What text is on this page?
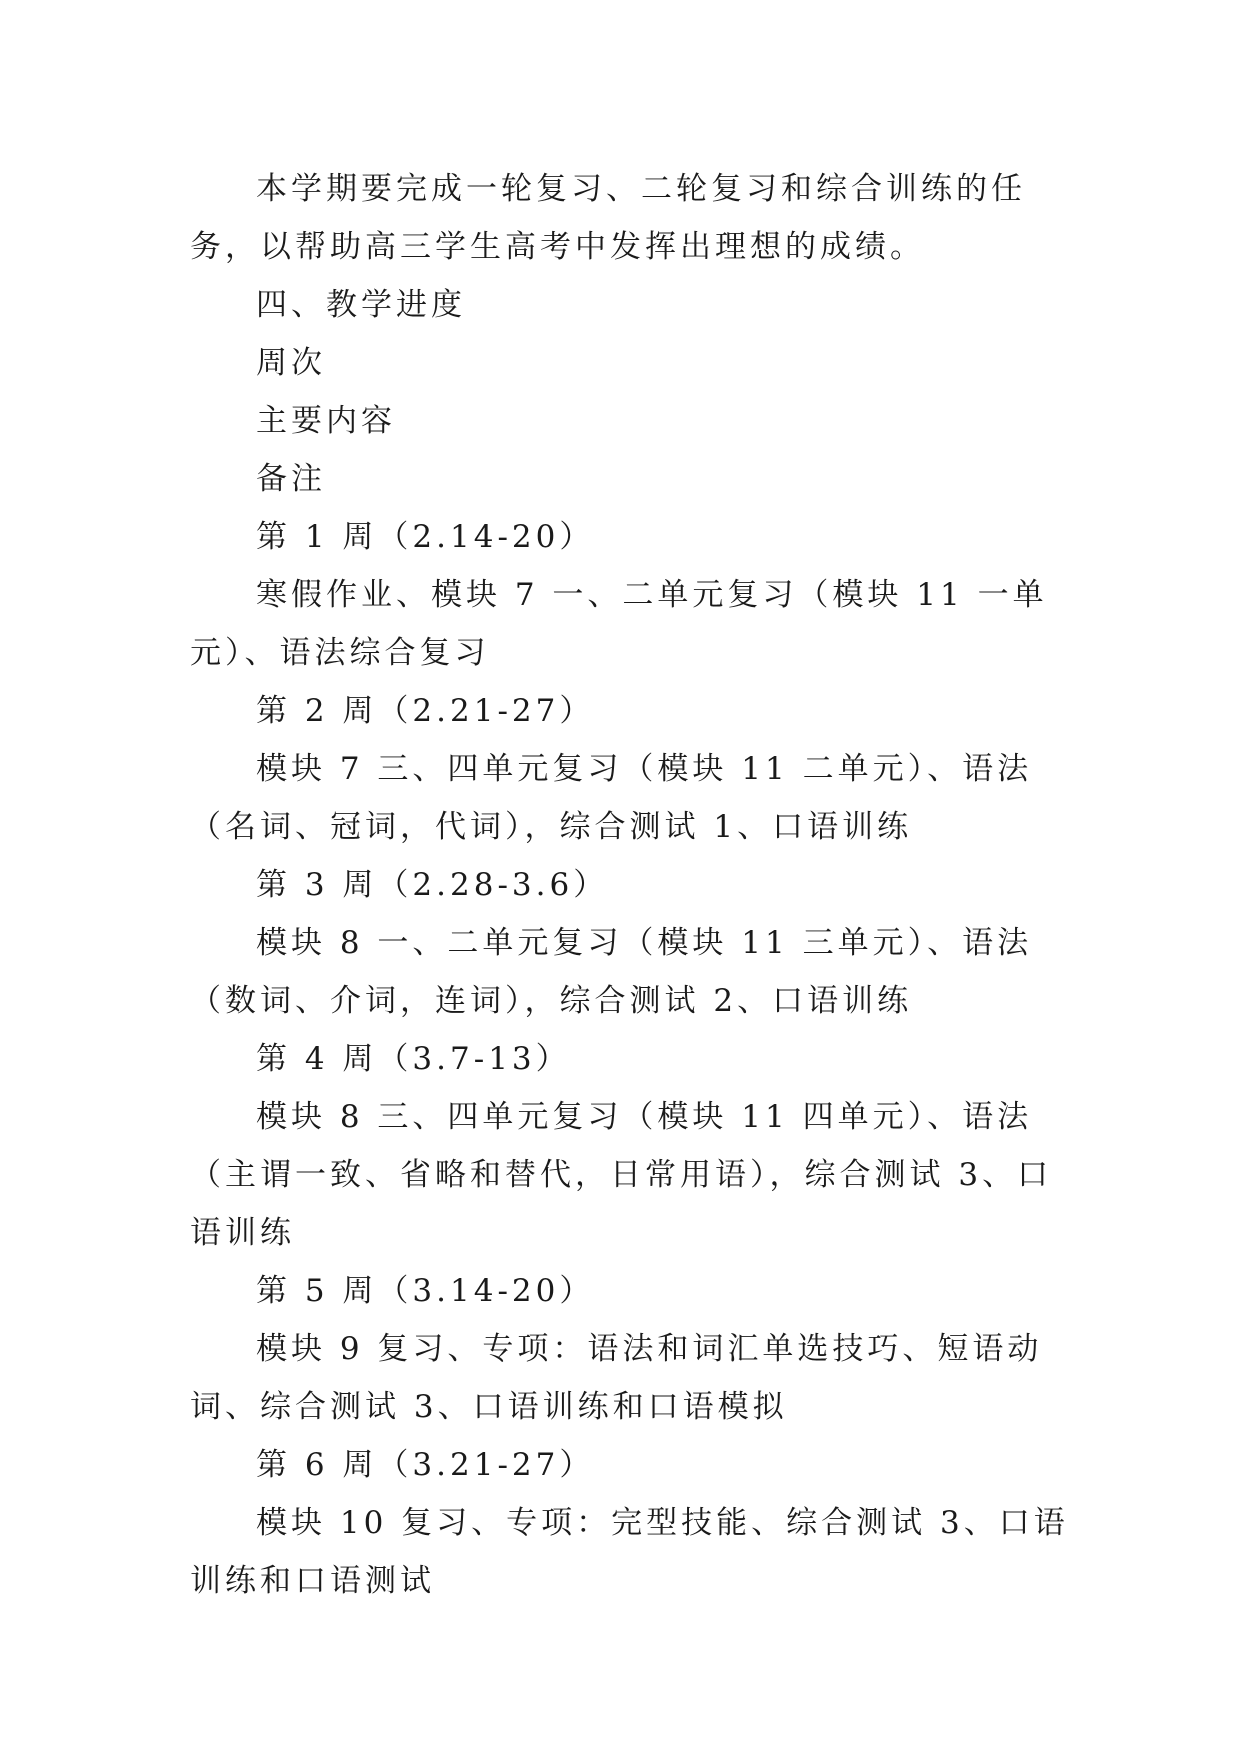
本学期要完成一轮复习、二轮复习和综合训练的任务，以帮助高三学生高考中发挥出理想的成绩。

四、教学进度

周次

主要内容

备注

第 1 周（2.14-20）

寒假作业、模块 7 一、二单元复习（模块 11 一单元）、语法综合复习

第 2 周（2.21-27）

模块 7 三、四单元复习（模块 11 二单元）、语法（名词、冠词，代词），综合测试 1、口语训练

第 3 周（2.28-3.6）

模块 8 一、二单元复习（模块 11 三单元）、语法（数词、介词，连词），综合测试 2、口语训练

第 4 周（3.7-13）

模块 8 三、四单元复习（模块 11 四单元）、语法（主谓一致、省略和替代，日常用语），综合测试 3、口语训练

第 5 周（3.14-20）

模块 9 复习、专项：语法和词汇单选技巧、短语动词、综合测试 3、口语训练和口语模拟

第 6 周（3.21-27）

模块 10 复习、专项：完型技能、综合测试 3、口语训练和口语测试
